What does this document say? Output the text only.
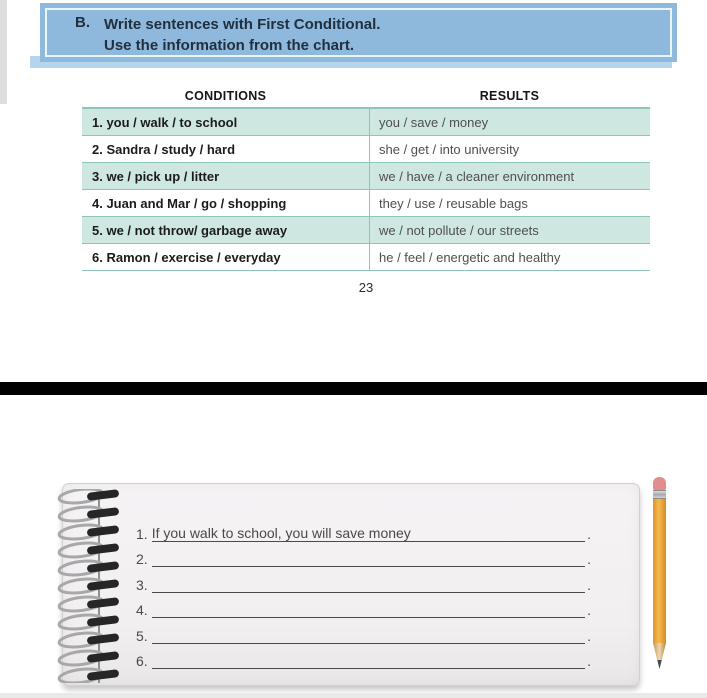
B. Write sentences with First Conditional.
Use the information from the chart.
CONDITIONS	RESULTS
1. you / walk / to school	you / save / money
2. Sandra / study / hard	she / get / into university
3. we / pick up / litter	we / have / a cleaner environment
4. Juan and Mar / go / shopping	they / use / reusable bags
5. we / not throw/ garbage away	we / not pollute / our streets
6. Ramon / exercise / everyday	he / feel / energetic and healthy
23
1. If you walk to school, you will save money	.
2.	.
3.	.
4.	.
5.	.
6.	.
